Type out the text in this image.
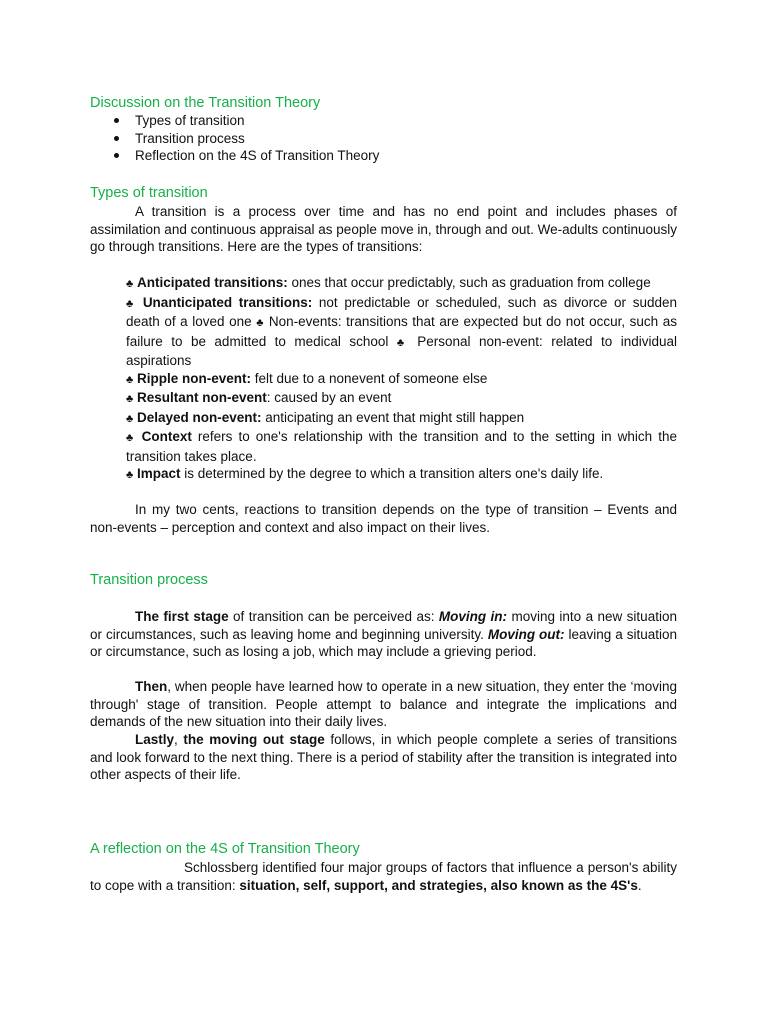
Discussion on the Transition Theory
Types of transition
Transition process
Reflection on the 4S of Transition Theory
Types of transition

A transition is a process over time and has no end point and includes phases of assimilation and continuous appraisal as people move in, through and out. We-adults continuously go through transitions. Here are the types of transitions:

♣ Anticipated transitions: ones that occur predictably, such as graduation from college
♣ Unanticipated transitions: not predictable or scheduled, such as divorce or sudden death of a loved one ♣ Non-events: transitions that are expected but do not occur, such as failure to be admitted to medical school ♣ Personal non-event: related to individual aspirations
♣ Ripple non-event: felt due to a nonevent of someone else
♣ Resultant non-event: caused by an event
♣ Delayed non-event: anticipating an event that might still happen
♣ Context refers to one's relationship with the transition and to the setting in which the transition takes place.
♣ Impact is determined by the degree to which a transition alters one's daily life.

In my two cents, reactions to transition depends on the type of transition – Events and non-events – perception and context and also impact on their lives.

Transition process

The first stage of transition can be perceived as: Moving in: moving into a new situation or circumstances, such as leaving home and beginning university. Moving out: leaving a situation or circumstance, such as losing a job, which may include a grieving period.

Then, when people have learned how to operate in a new situation, they enter the ‘moving through' stage of transition. People attempt to balance and integrate the implications and demands of the new situation into their daily lives.

Lastly, the moving out stage follows, in which people complete a series of transitions and look forward to the next thing. There is a period of stability after the transition is integrated into other aspects of their life.

A reflection on the 4S of Transition Theory

Schlossberg identified four major groups of factors that influence a person's ability to cope with a transition: situation, self, support, and strategies, also known as the 4S's.
